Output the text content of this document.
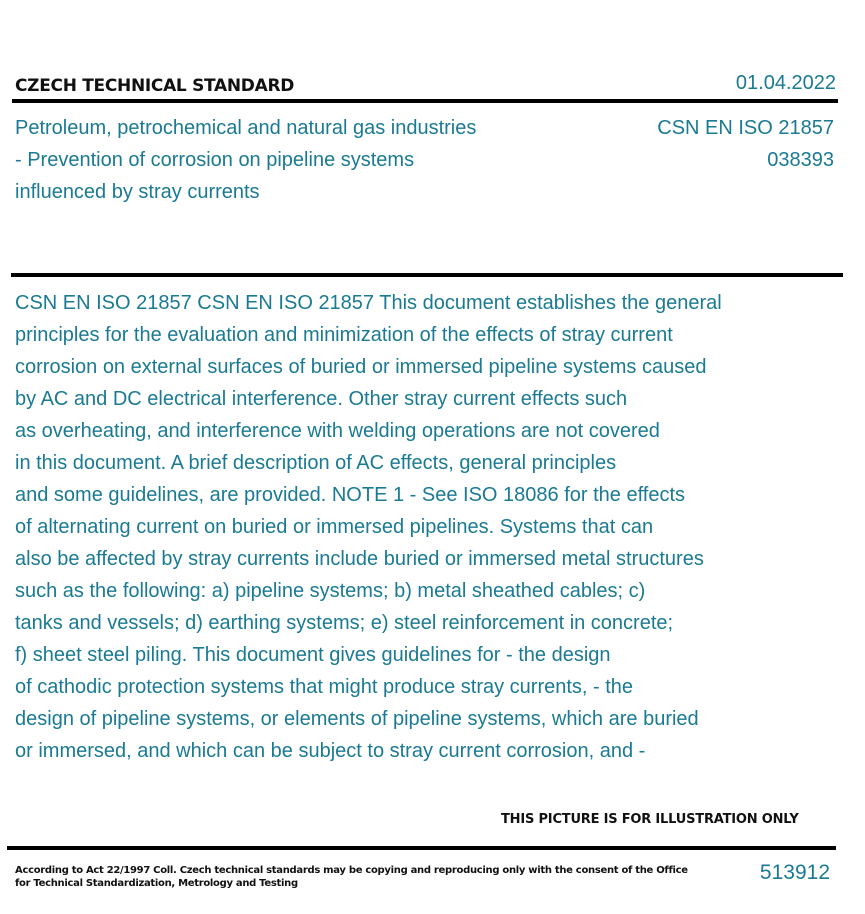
CZECH TECHNICAL STANDARD	01.04.2022
Petroleum, petrochemical and natural gas industries
- Prevention of corrosion on pipeline systems
influenced by stray currents
CSN EN ISO 21857
038393
CSN EN ISO 21857 CSN EN ISO 21857 This document establishes the general
principles for the evaluation and minimization of the effects of stray current
corrosion on external surfaces of buried or immersed pipeline systems caused
by AC and DC electrical interference. Other stray current effects such
as overheating, and interference with welding operations are not covered
in this document. A brief description of AC effects, general principles
and some guidelines, are provided. NOTE 1 - See ISO 18086 for the effects
of alternating current on buried or immersed pipelines. Systems that can
also be affected by stray currents include buried or immersed metal structures
such as the following: a) pipeline systems; b) metal sheathed cables; c)
tanks and vessels; d) earthing systems; e) steel reinforcement in concrete;
f) sheet steel piling. This document gives guidelines for - the design
of cathodic protection systems that might produce stray currents, - the
design of pipeline systems, or elements of pipeline systems, which are buried
or immersed, and which can be subject to stray current corrosion, and -
THIS PICTURE IS FOR ILLUSTRATION ONLY
According to Act 22/1997 Coll. Czech technical standards may be copying and reproducing only with the consent of the Office
for Technical Standardization, Metrology and Testing	513912
